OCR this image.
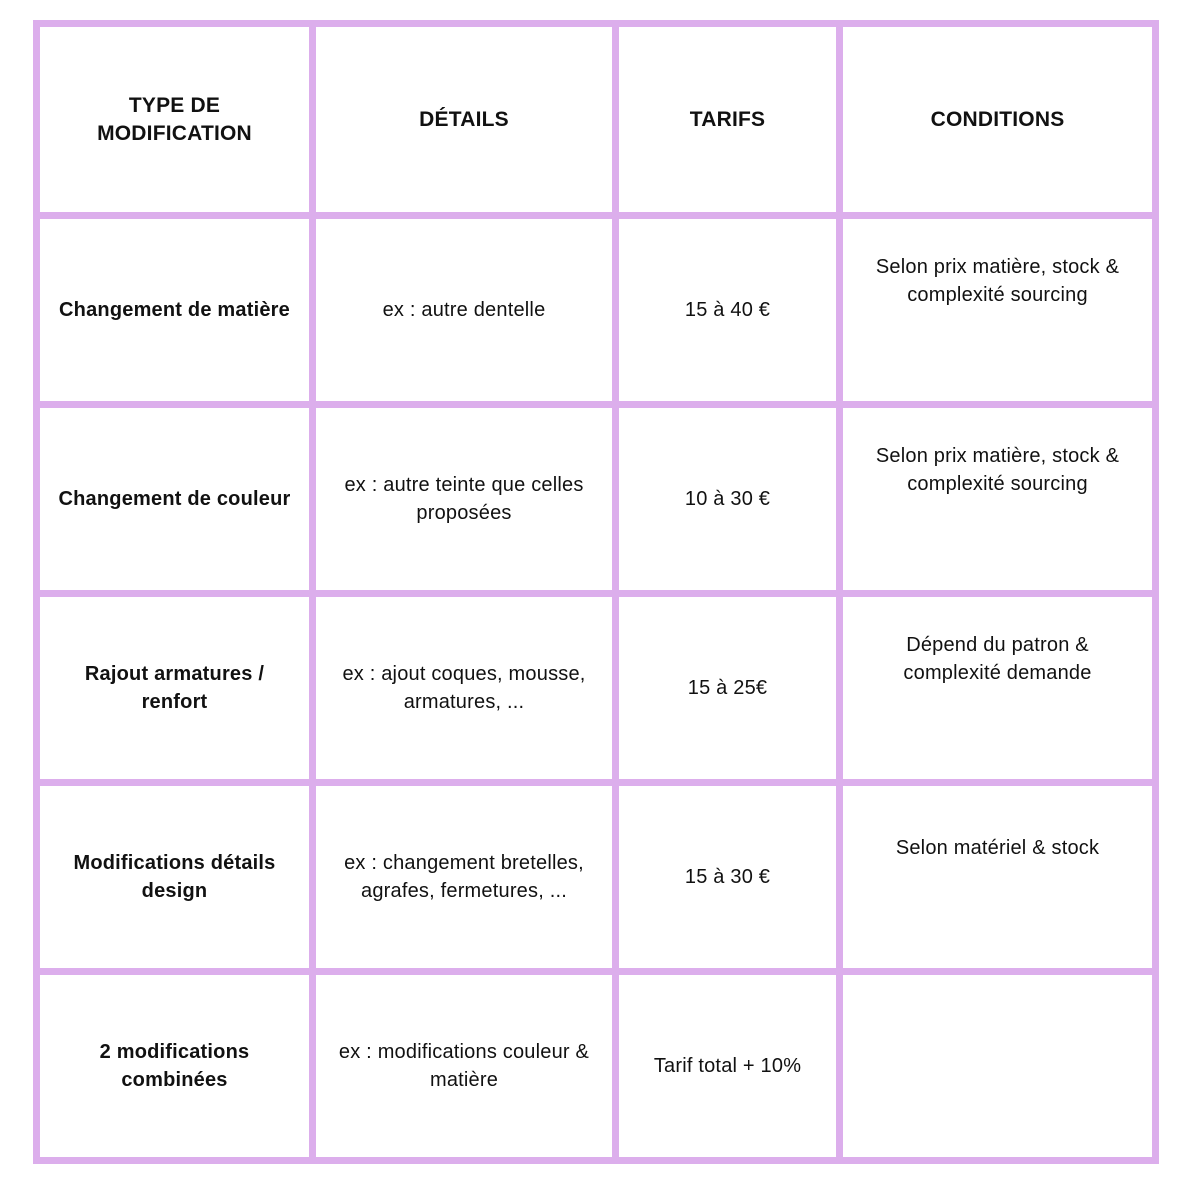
TYPE DE MODIFICATION	DÉTAILS	TARIFS	CONDITIONS
Changement de matière	ex : autre dentelle	15 à 40 €	Selon prix matière, stock & complexité sourcing

Changement de couleur	ex : autre teinte que celles proposées	10 à 30 €	Selon prix matière, stock & complexité sourcing

Rajout armatures / renfort	ex : ajout coques, mousse, armatures, ...	15 à 25€	Dépend du patron & complexité demande

Modifications détails design	ex : changement bretelles, agrafes, fermetures, ...	15 à 30 €	Selon matériel & stock

2 modifications combinées	ex : modifications couleur & matière	Tarif total + 10%	
